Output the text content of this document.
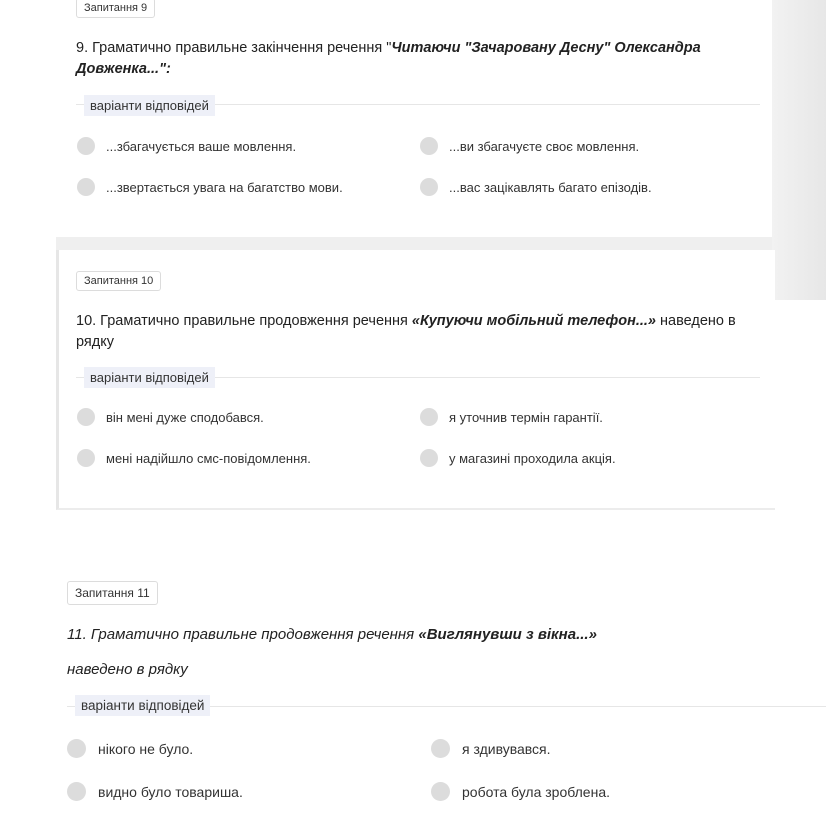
Запитання 9
9. Граматично правильне закінчення речення "Читаючи "Зачаровану Десну" Олександра Довженка...":
варіанти відповідей
...збагачується ваше мовлення.	...ви збагачуєте своє мовлення.
...звертається увага на багатство мови.	...вас зацікавлять багато епізодів.
Запитання 10
10. Граматично правильне продовження речення «Купуючи мобільний телефон...» наведено в рядку
варіанти відповідей
він мені дуже сподобався.	я уточнив термін гарантії.
мені надійшло смс-повідомлення.	у магазині проходила акція.
Запитання 11
11. Граматично правильне продовження речення «Виглянувши з вікна...»
наведено в рядку
варіанти відповідей
нікого не було.	я здивувався.
видно було товариша.	робота була зроблена.
